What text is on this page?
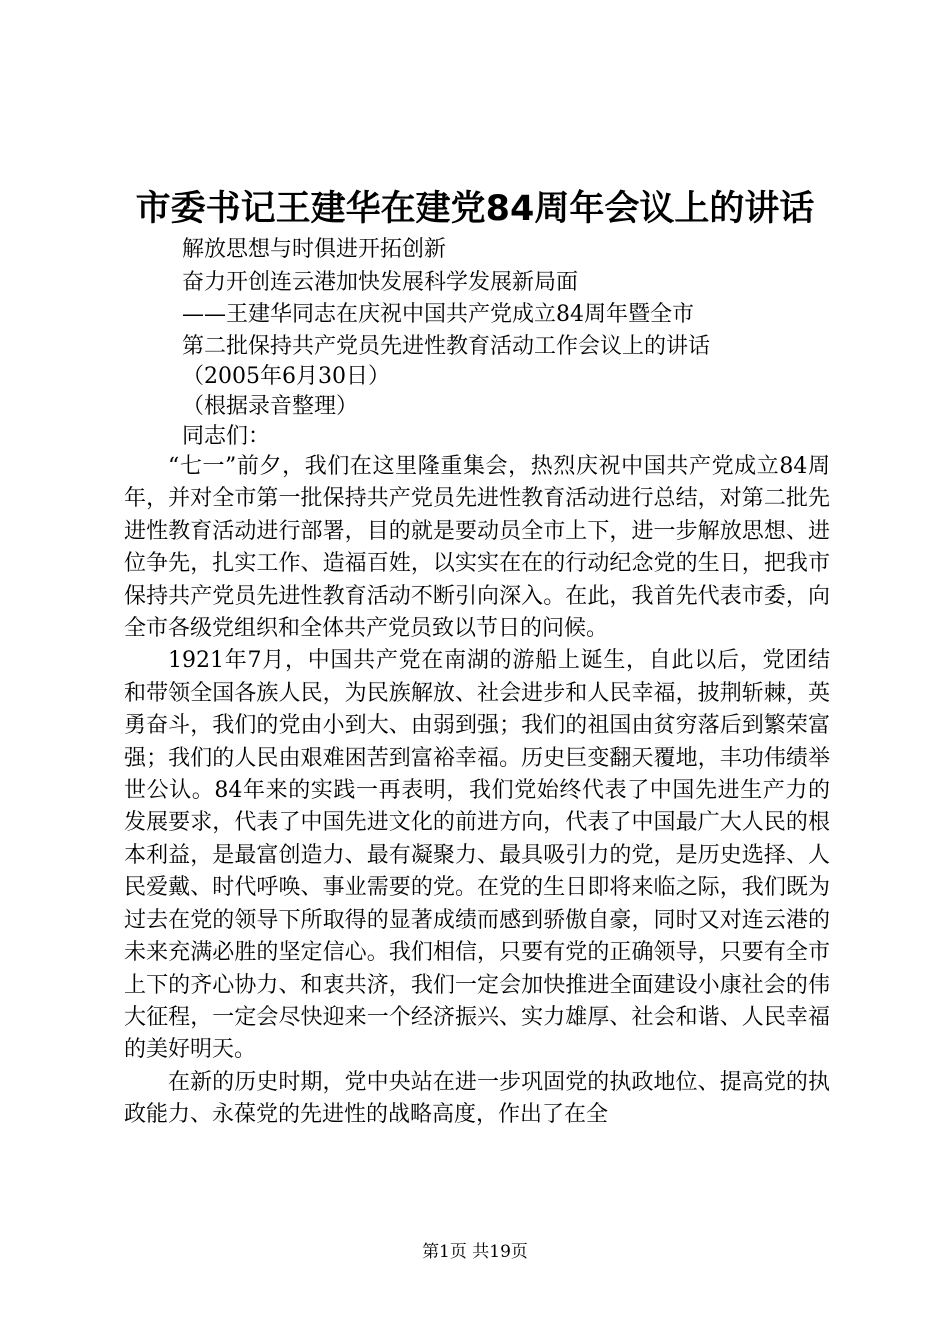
市委书记王建华在建党84周年会议上的讲话
解放思想与时俱进开拓创新
奋力开创连云港加快发展科学发展新局面
——王建华同志在庆祝中国共产党成立84周年暨全市
第二批保持共产党员先进性教育活动工作会议上的讲话
（2005年6月30日）
（根据录音整理）
同志们：

“七一”前夕，我们在这里隆重集会，热烈庆祝中国共产党成立84周年，并对全市第一批保持共产党员先进性教育活动进行总结，对第二批先进性教育活动进行部署，目的就是要动员全市上下，进一步解放思想、进位争先，扎实工作、造福百姓，以实实在在的行动纪念党的生日，把我市保持共产党员先进性教育活动不断引向深入。在此，我首先代表市委，向全市各级党组织和全体共产党员致以节日的问候。

1921年7月，中国共产党在南湖的游船上诞生，自此以后，党团结和带领全国各族人民，为民族解放、社会进步和人民幸福，披荆斩棘，英勇奋斗，我们的党由小到大、由弱到强；我们的祖国由贫穷落后到繁荣富强；我们的人民由艰难困苦到富裕幸福。历史巨变翻天覆地，丰功伟绩举世公认。84年来的实践一再表明，我们党始终代表了中国先进生产力的发展要求，代表了中国先进文化的前进方向，代表了中国最广大人民的根本利益，是最富创造力、最有凝聚力、最具吸引力的党，是历史选择、人民爱戴、时代呼唤、事业需要的党。在党的生日即将来临之际，我们既为过去在党的领导下所取得的显著成绩而感到骄傲自豪，同时又对连云港的未来充满必胜的坚定信心。我们相信，只要有党的正确领导，只要有全市上下的齐心协力、和衷共济，我们一定会加快推进全面建设小康社会的伟大征程，一定会尽快迎来一个经济振兴、实力雄厚、社会和谐、人民幸福的美好明天。

在新的历史时期，党中央站在进一步巩固党的执政地位、提高党的执政能力、永葆党的先进性的战略高度，作出了在全

第1页 共19页
